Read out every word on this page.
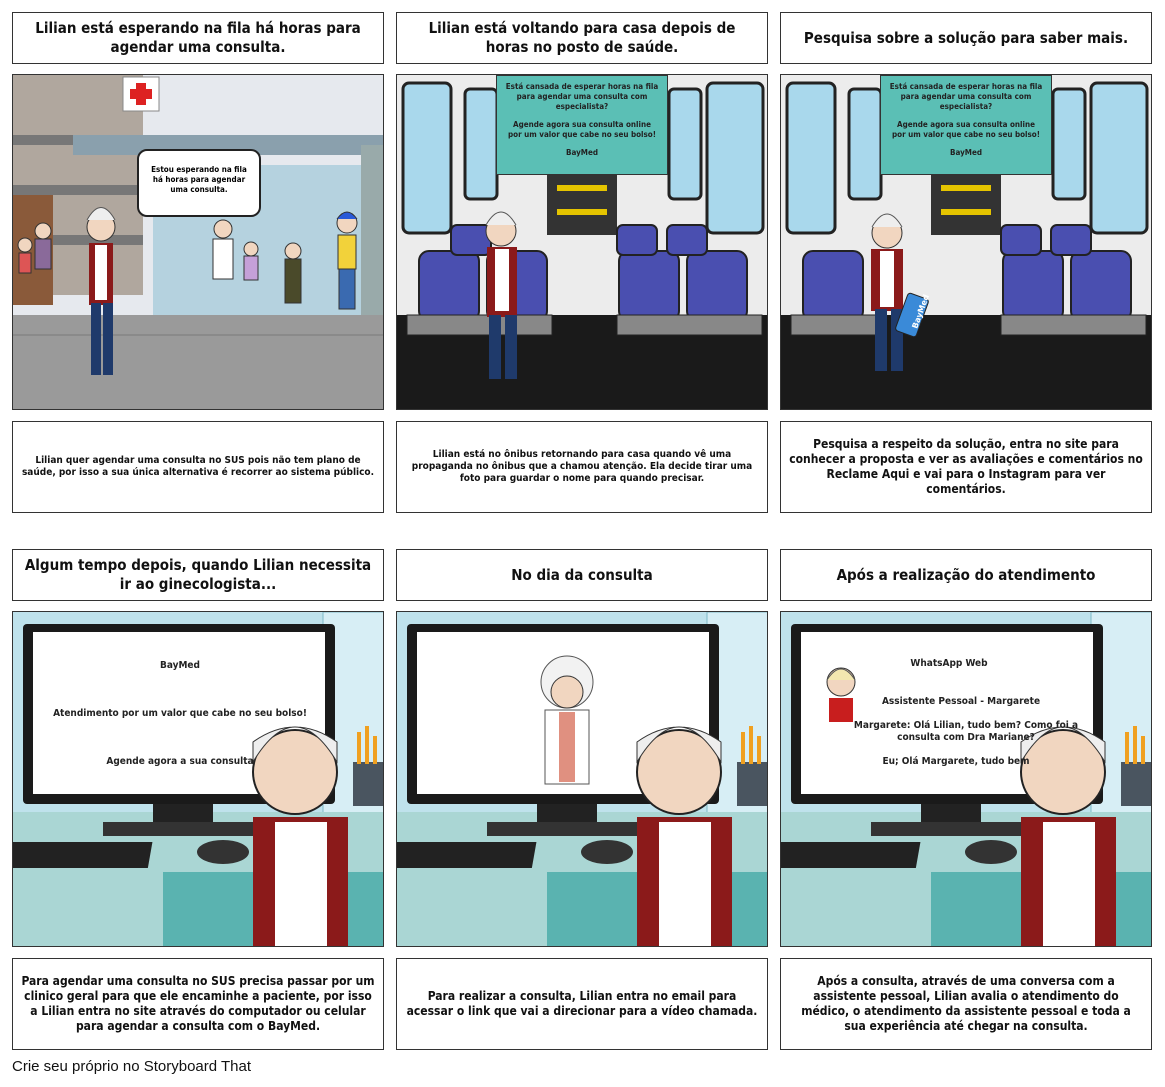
Lilian está esperando na fila há horas para agendar uma consulta.
Estou esperando na fila há horas para agendar uma consulta.
Lilian quer agendar uma consulta no SUS pois não tem plano de saúde, por isso a sua única alternativa é recorrer ao sistema público.
Lilian está voltando para casa depois de horas no posto de saúde.
Está cansada de esperar horas na fila para agendar uma consulta com especialista?
Agende agora sua consulta online por um valor que cabe no seu bolso!
BayMed
Lilian está no ônibus retornando para casa quando vê uma propaganda no ônibus que a chamou atenção. Ela decide tirar uma foto para guardar o nome para quando precisar.
Pesquisa sobre a solução para saber mais.
Está cansada de esperar horas na fila para agendar uma consulta com especialista?
Agende agora sua consulta online por um valor que cabe no seu bolso!
BayMed
BayMed
Pesquisa a respeito da solução, entra no site para conhecer a proposta e ver as avaliações e comentários no Reclame Aqui e vai para o Instagram para ver comentários.
Algum tempo depois, quando Lilian necessita ir ao ginecologista...
BayMed
Atendimento por um valor que cabe no seu bolso!
Agende agora a sua consulta
Para agendar uma consulta no SUS precisa passar por um clinico geral para que ele encaminhe a paciente, por isso a Lilian entra no site através do computador ou celular para agendar a consulta com o BayMed.
No dia da consulta
Para realizar a consulta, Lilian entra no email para acessar o link que vai a direcionar para a vídeo chamada.
Após a realização do atendimento
WhatsApp Web
Assistente Pessoal - Margarete
Margarete: Olá Lilian, tudo bem? Como foi a consulta com Dra Mariane?
Eu; Olá Margarete, tudo bem
Após a consulta, através de uma conversa com a assistente pessoal, Lilian avalia o atendimento do médico, o atendimento da assistente pessoal e toda a sua experiência até chegar na consulta.
Crie seu próprio no Storyboard That
